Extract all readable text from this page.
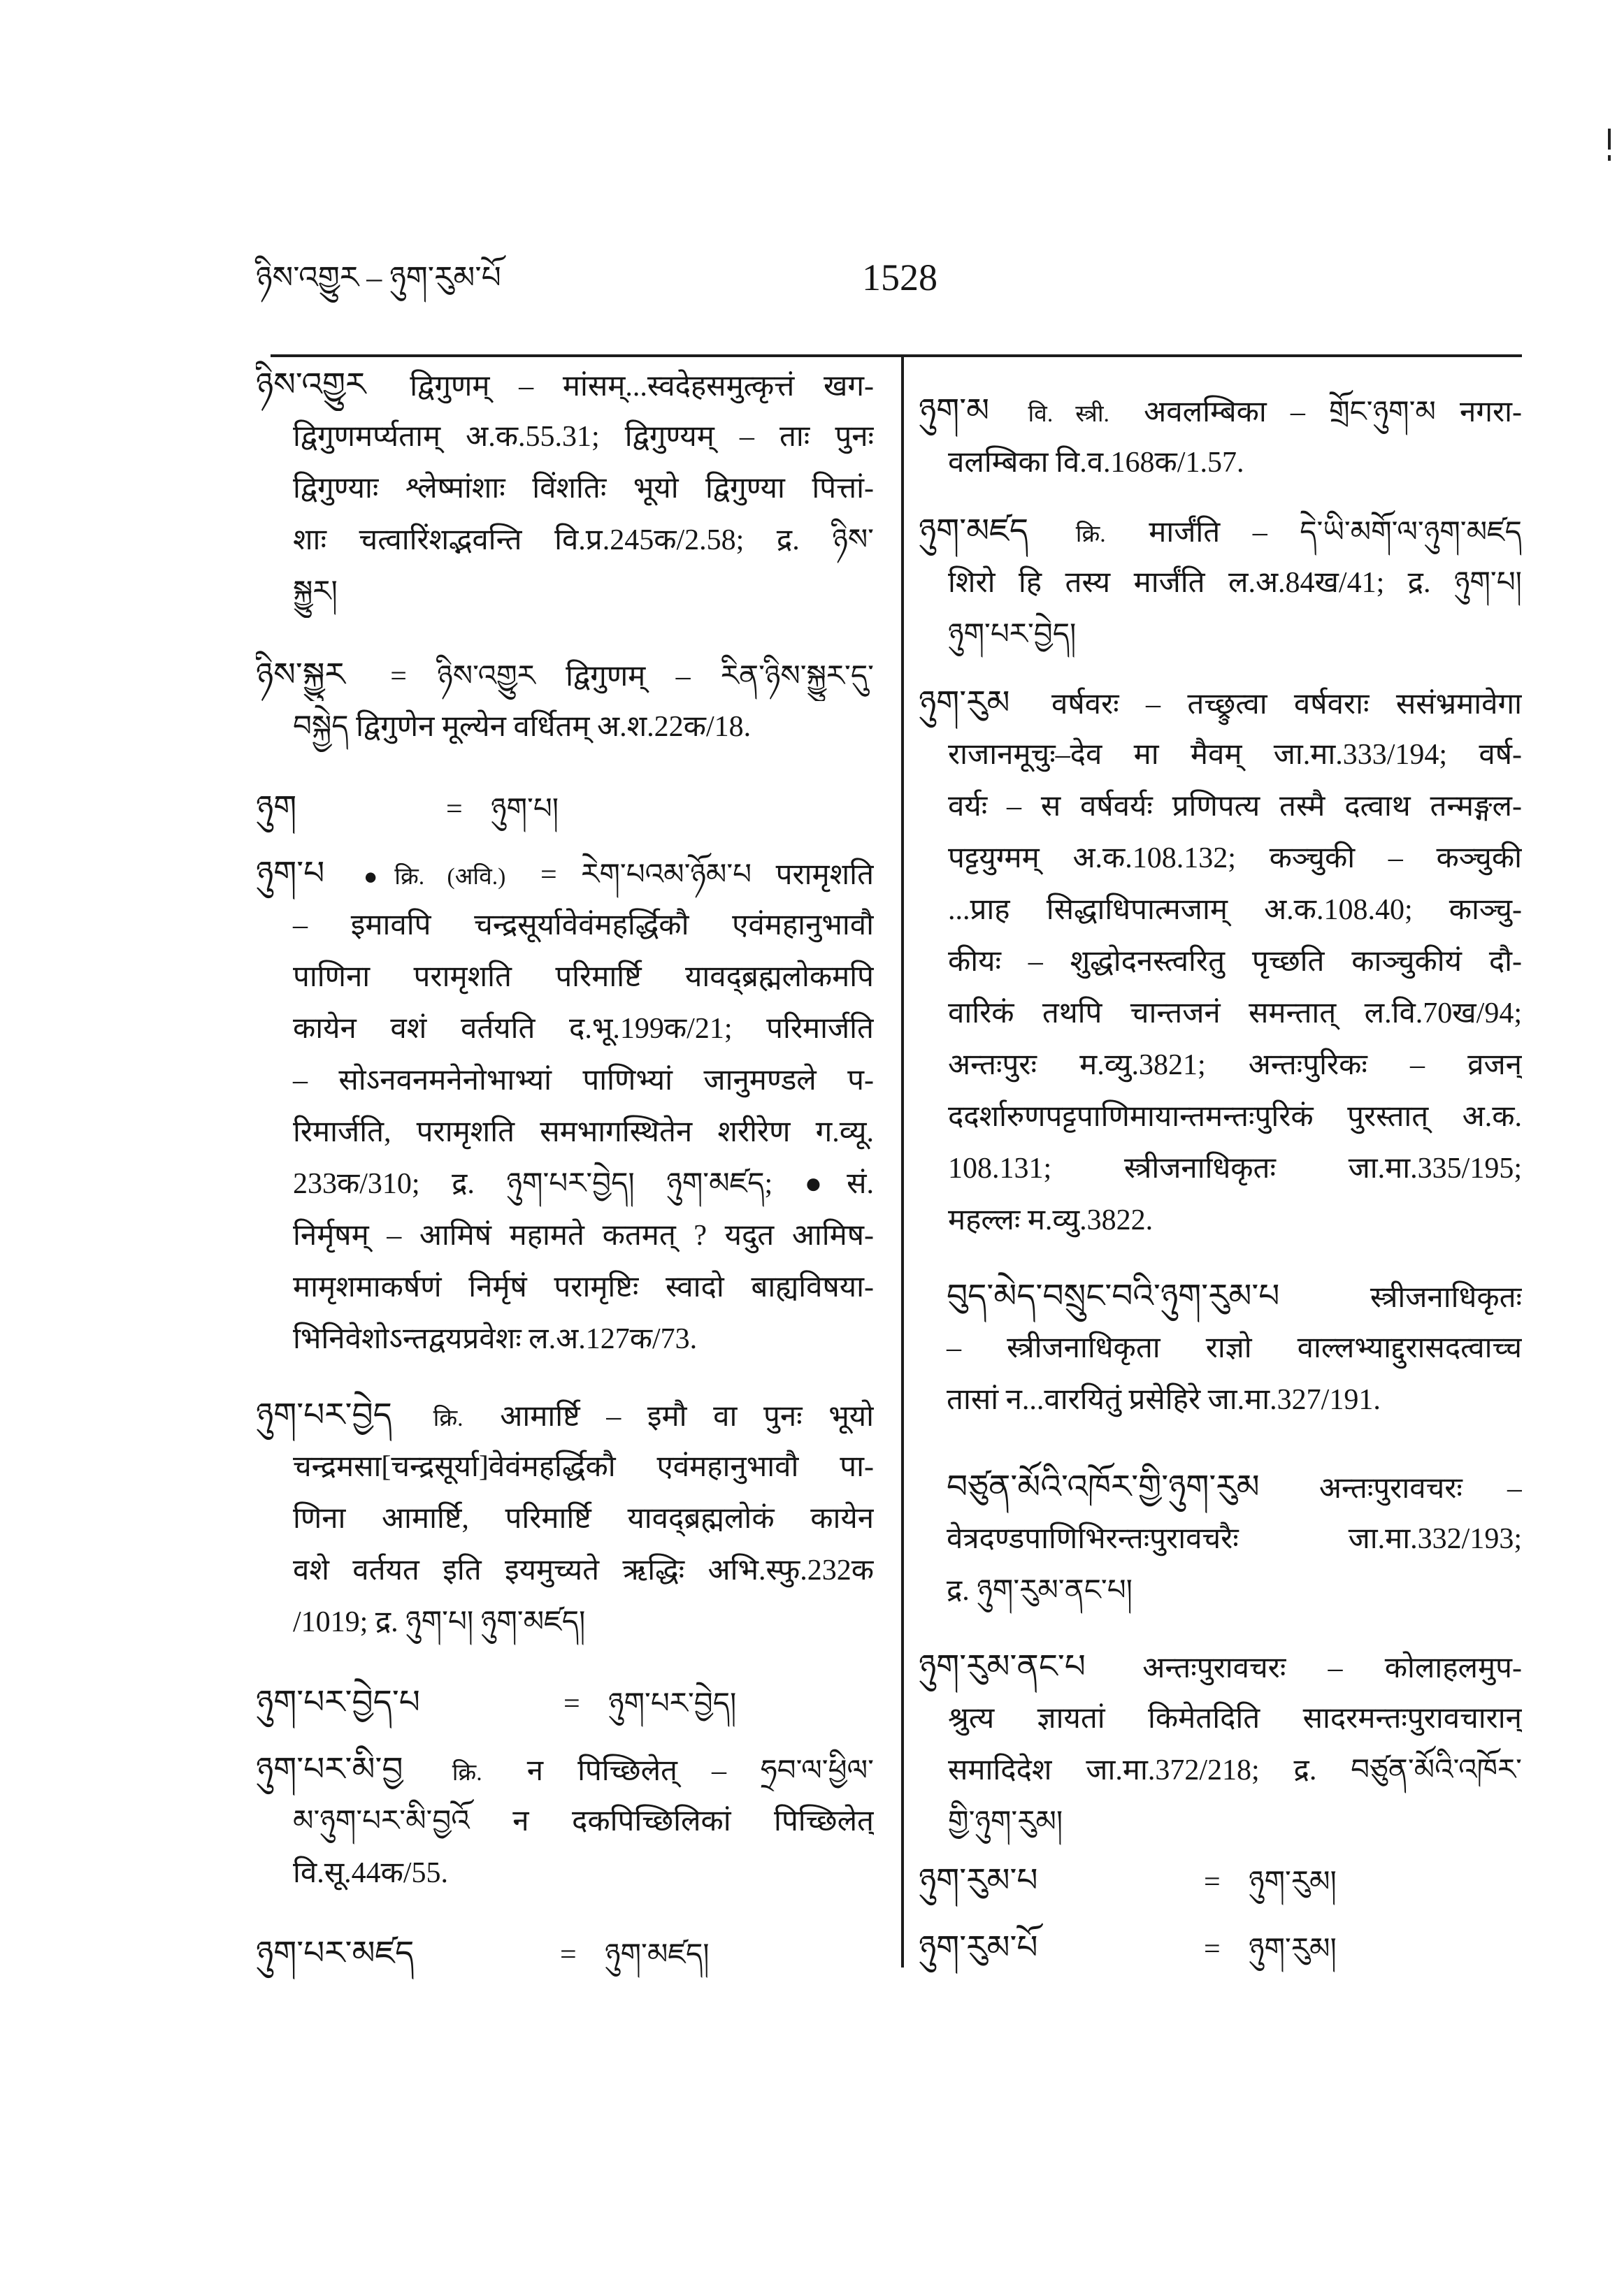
ཉིས་འགྱུར – ཉུག་རུམ་པོ	1528
ཉིས་འགྱུར द्विगुणम् – मांसम्...स्वदेहसमुत्कृत्तं खग-
द्विगुणमर्प्यताम् अ.क.55.31; द्विगुण्यम् – ताः पुनः
द्विगुण्याः श्लेष्मांशाः विंशतिः भूयो द्विगुण्या पित्तां-
शाः चत्वारिंशद्भवन्ति वि.प्र.245क/2.58; द्र. ཉིས་
སྐྱུར།
ཉིས་སྐྱུར = ཉིས་འགྱུར द्विगुणम् – རིན་ཉིས་སྐྱུར་དུ་
བསྐྱེད द्विगुणेन मूल्येन वर्धितम् अ.श.22क/18.
ཉུག	= ཉུག་པ།
ཉུག་པ ●क्रि. (अवि.) = རེག་པའམ་ཉོམ་པ परामृशति
– इमावपि चन्द्रसूर्यावेवंमहर्द्धिकौ एवंमहानुभावौ
पाणिना परामृशति परिमार्ष्टि यावद्ब्रह्मलोकमपि
कायेन वशं वर्तयति द.भू.199क/21; परिमार्जति
– सोऽनवनमनेनोभाभ्यां पाणिभ्यां जानुमण्डले प-
रिमार्जति, परामृशति समभागस्थितेन शरीरेण ग.व्यू.
233क/310; द्र. ཉུག་པར་བྱེད། ཉུག་མཛད; ●सं.
निर्मृषम् – आमिषं महामते कतमत् ? यदुत आमिष-
मामृशमाकर्षणं निर्मृषं परामृष्टिः स्वादो बाह्यविषया-
भिनिवेशोऽन्तद्वयप्रवेशः ल.अ.127क/73.
ཉུག་པར་བྱེད क्रि. आमार्ष्टि – इमौ वा पुनः भूयो
चन्द्रमसा[चन्द्रसूर्या]वेवंमहर्द्धिकौ एवंमहानुभावौ पा-
णिना आमार्ष्टि, परिमार्ष्टि यावद्ब्रह्मलोकं कायेन
वशे वर्तयत इति इयमुच्यते ऋद्धिः अभि.स्फु.232क
/1019; द्र. ཉུག་པ། ཉུག་མཛད།
ཉུག་པར་བྱེད་པ	= ཉུག་པར་བྱེད།
ཉུག་པར་མི་བྱ क्रि. न पिच्छिलेत् – ཧྲབ་ལ་ཕྱིལ་
མ་ཉུག་པར་མི་བྱའོ न दकपिच्छिलिकां पिच्छिलेत्
वि.सू.44क/55.
ཉུག་པར་མཛད	= ཉུག་མཛད།
ཉུག་མ वि. स्त्री. अवलम्बिका – གྲོང་ཉུག་མ नगरा-
वलम्बिका वि.व.168क/1.57.
ཉུག་མཛད क्रि. मार्जंति – དེ་ཡི་མགོ་ལ་ཉུག་མཛད
शिरो हि तस्य मार्जंति ल.अ.84ख/41; द्र. ཉུག་པ།
ཉུག་པར་བྱེད།
ཉུག་རུམ वर्षवरः – तच्छ्रुत्वा वर्षवराः ससंभ्रमावेगा
राजानमूचुः–देव मा मैवम् जा.मा.333/194; वर्ष-
वर्यः – स वर्षवर्यः प्रणिपत्य तस्मै दत्वाथ तन्मङ्गल-
पट्टयुग्मम् अ.क.108.132; कञ्चुकी – कञ्चुकी
...प्राह सिद्धाधिपात्मजाम् अ.क.108.40; काञ्चु-
कीयः – शुद्धोदनस्त्वरितु पृच्छति काञ्चुकीयं दौ-
वारिकं तथपि चान्तजनं समन्तात् ल.वि.70ख/94;
अन्तःपुरः म.व्यु.3821; अन्तःपुरिकः – व्रजन्
ददर्शारुणपट्टपाणिमायान्तमन्तःपुरिकं पुरस्तात् अ.क.
108.131; स्त्रीजनाधिकृतः जा.मा.335/195;
महल्लः म.व्यु.3822.
བུད་མེད་བསྲུང་བའི་ཉུག་རུམ་པ	स्त्रीजनाधिकृतः
– स्त्रीजनाधिकृता राज्ञो वाल्लभ्याद्दुरासदत्वाच्च
तासां न...वारयितुं प्रसेहिरे जा.मा.327/191.
བཙུན་མོའི་འཁོར་གྱི་ཉུག་རུམ अन्तःपुरावचरः –
वेत्रदण्डपाणिभिरन्तःपुरावचरैः जा.मा.332/193;
द्र. ཉུག་རུམ་ནང་པ།
ཉུག་རུམ་ནང་པ अन्तःपुरावचरः – कोलाहलमुप-
श्रुत्य ज्ञायतां किमेतदिति सादरमन्तःपुरावचारान्
समादिदेश जा.मा.372/218; द्र. བཙུན་མོའི་འཁོར་
གྱི་ཉུག་རུམ།
ཉུག་རུམ་པ	= ཉུག་རུམ།
ཉུག་རུམ་པོ	= ཉུག་རུམ།
